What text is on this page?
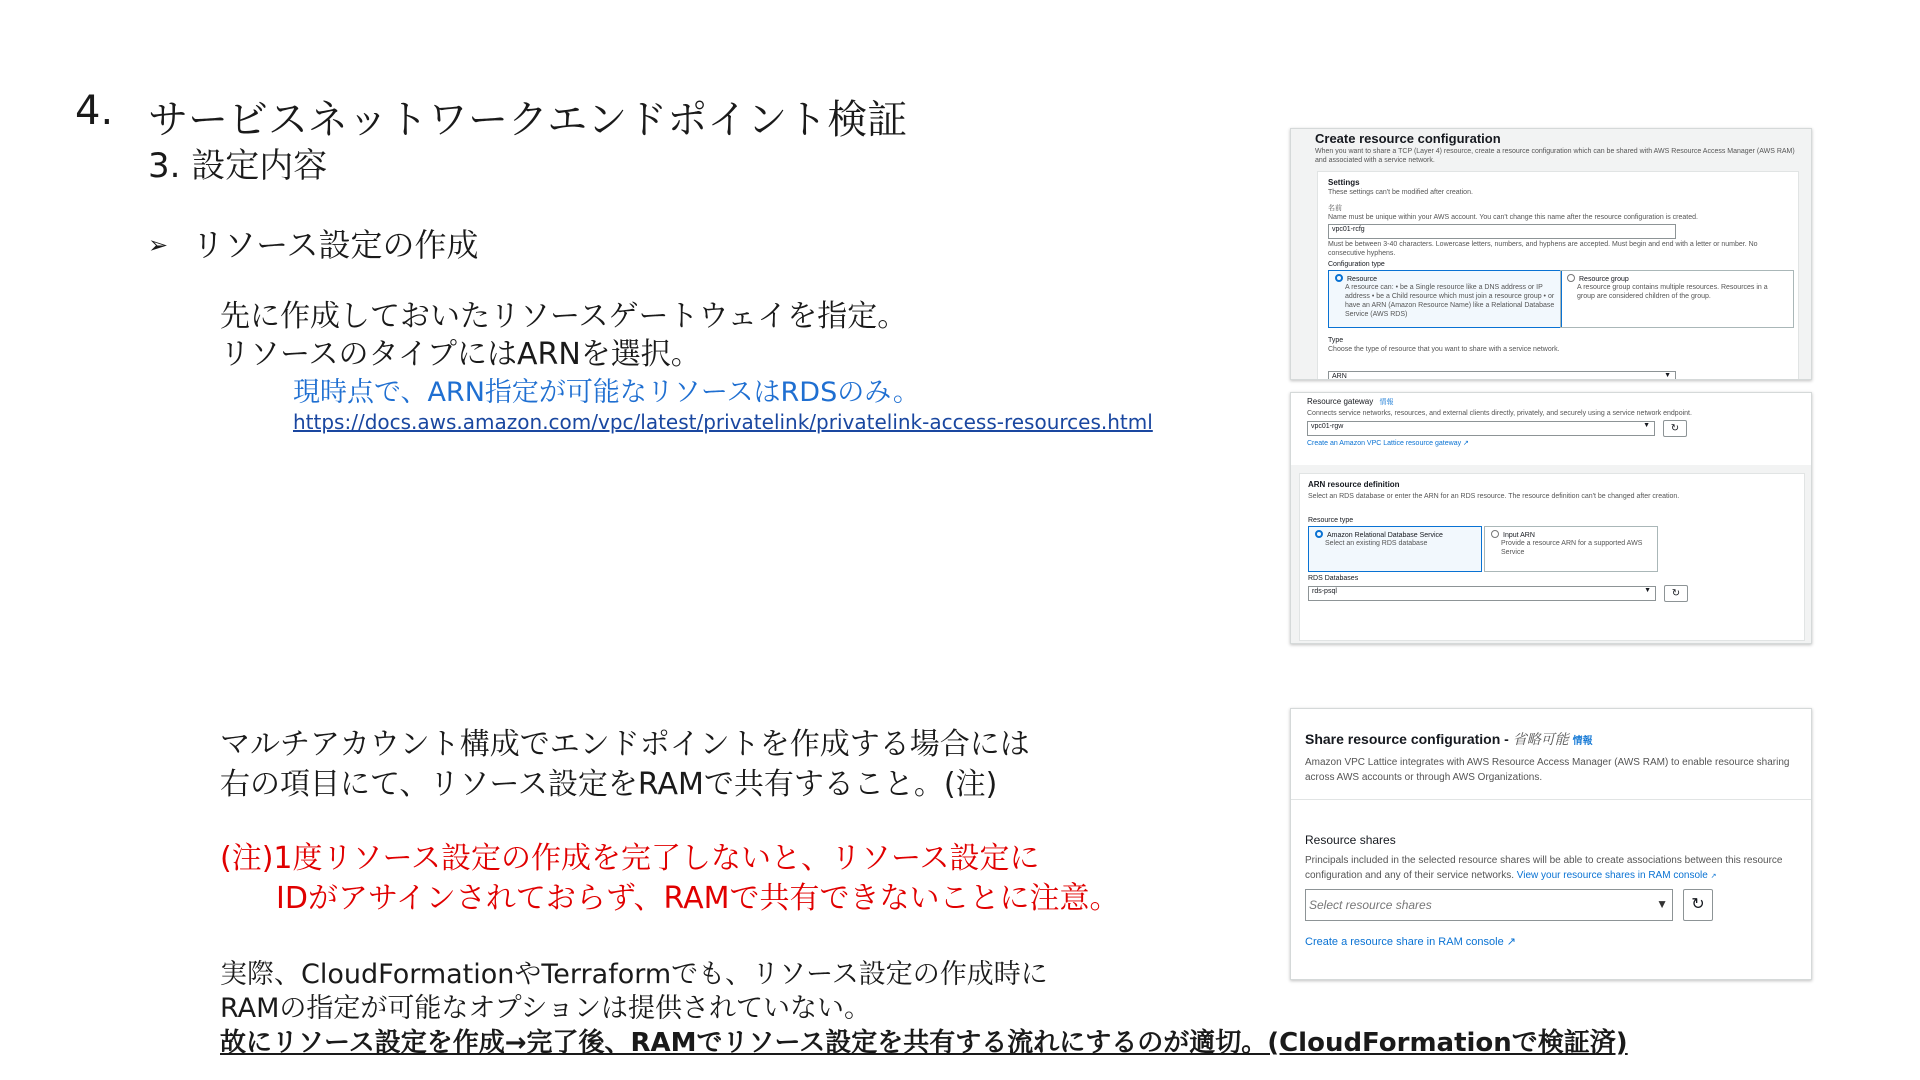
4. サービスネットワークエンドポイント検証
3. 設定内容
➢ リソース設定の作成
先に作成しておいたリソースゲートウェイを指定。
リソースのタイプにはARNを選択。
現時点で、ARN指定が可能なリソースはRDSのみ。
https://docs.aws.amazon.com/vpc/latest/privatelink/privatelink-access-resources.html
マルチアカウント構成でエンドポイントを作成する場合には
右の項目にて、リソース設定をRAMで共有すること。(注)
(注)1度リソース設定の作成を完了しないと、リソース設定に
IDがアサインされておらず、RAMで共有できないことに注意。
実際、CloudFormationやTerraformでも、リソース設定の作成時に
RAMの指定が可能なオプションは提供されていない。
故にリソース設定を作成→完了後、RAMでリソース設定を共有する流れにするのが適切。(CloudFormationで検証済)
Create resource configuration
When you want to share a TCP (Layer 4) resource, create a resource configuration which can be shared with AWS Resource Access Manager (AWS RAM) and associated with a service network.
Settings
These settings can't be modified after creation.
名前
Name must be unique within your AWS account. You can't change this name after the resource configuration is created.
vpc01-rcfg
Must be between 3-40 characters. Lowercase letters, numbers, and hyphens are accepted. Must begin and end with a letter or number. No consecutive hyphens.
Configuration type
Resource
A resource can: • be a Single resource like a DNS address or IP address • be a Child resource which must join a resource group • or have an ARN (Amazon Resource Name) like a Relational Database Service (AWS RDS)
Resource group
A resource group contains multiple resources. Resources in a group are considered children of the group.
Type
Choose the type of resource that you want to share with a service network.
ARN	▼
Resource gateway 情報
Connects service networks, resources, and external clients directly, privately, and securely using a service network endpoint.
vpc01-rgw	▼	↻
Create an Amazon VPC Lattice resource gateway ↗
ARN resource definition
Select an RDS database or enter the ARN for an RDS resource. The resource definition can't be changed after creation.
Resource type
Amazon Relational Database Service
Select an existing RDS database
Input ARN
Provide a resource ARN for a supported AWS Service
RDS Databases
rds-psql	▼	↻
Share resource configuration - 省略可能 情報
Amazon VPC Lattice integrates with AWS Resource Access Manager (AWS RAM) to enable resource sharing across AWS accounts or through AWS Organizations.
Resource shares
Principals included in the selected resource shares will be able to create associations between this resource configuration and any of their service networks. View your resource shares in RAM console ↗
Select resource shares	▼	↻
Create a resource share in RAM console ↗
